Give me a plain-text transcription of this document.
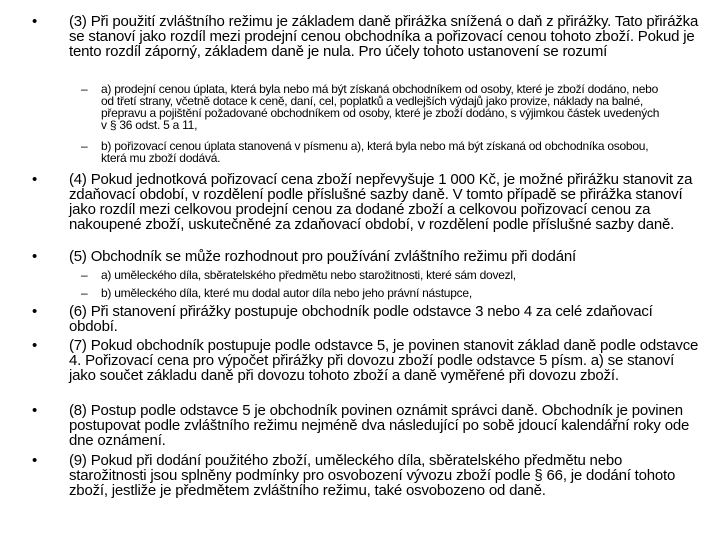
• (3) Při použití zvláštního režimu je základem daně přirážka snížená o daň z přirážky. Tato přirážka se stanoví jako rozdíl mezi prodejní cenou obchodníka a pořizovací cenou tohoto zboží. Pokud je tento rozdíl záporný, základem daně je nula. Pro účely tohoto ustanovení se rozumí
– a) prodejní cenou úplata, která byla nebo má být získaná obchodníkem od osoby, které je zboží dodáno, nebo od třetí strany, včetně dotace k ceně, daní, cel, poplatků a vedlejších výdajů jako provize, náklady na balné, přepravu a pojištění požadované obchodníkem od osoby, které je zboží dodáno, s výjimkou částek uvedených v § 36 odst. 5 a 11,
– b) pořizovací cenou úplata stanovená v písmenu a), která byla nebo má být získaná od obchodníka osobou, která mu zboží dodává.
• (4) Pokud jednotková pořizovací cena zboží nepřevyšuje 1 000 Kč, je možné přirážku stanovit za zdaňovací období, v rozdělení podle příslušné sazby daně. V tomto případě se přirážka stanoví jako rozdíl mezi celkovou prodejní cenou za dodané zboží a celkovou pořizovací cenou za nakoupené zboží, uskutečněné za zdaňovací období, v rozdělení podle příslušné sazby daně.
• (5) Obchodník se může rozhodnout pro používání zvláštního režimu při dodání
– a) uměleckého díla, sběratelského předmětu nebo starožitnosti, které sám dovezl,
– b) uměleckého díla, které mu dodal autor díla nebo jeho právní nástupce,
• (6) Při stanovení přirážky postupuje obchodník podle odstavce 3 nebo 4 za celé zdaňovací období.
• (7) Pokud obchodník postupuje podle odstavce 5, je povinen stanovit základ daně podle odstavce 4. Pořizovací cena pro výpočet přirážky při dovozu zboží podle odstavce 5 písm. a) se stanoví jako součet základu daně při dovozu tohoto zboží a daně vyměřené při dovozu zboží.
• (8) Postup podle odstavce 5 je obchodník povinen oznámit správci daně. Obchodník je povinen postupovat podle zvláštního režimu nejméně dva následující po sobě jdoucí kalendářní roky ode dne oznámení.
• (9) Pokud při dodání použitého zboží, uměleckého díla, sběratelského předmětu nebo starožitnosti jsou splněny podmínky pro osvobození vývozu zboží podle § 66, je dodání tohoto zboží, jestliže je předmětem zvláštního režimu, také osvobozeno od daně.
